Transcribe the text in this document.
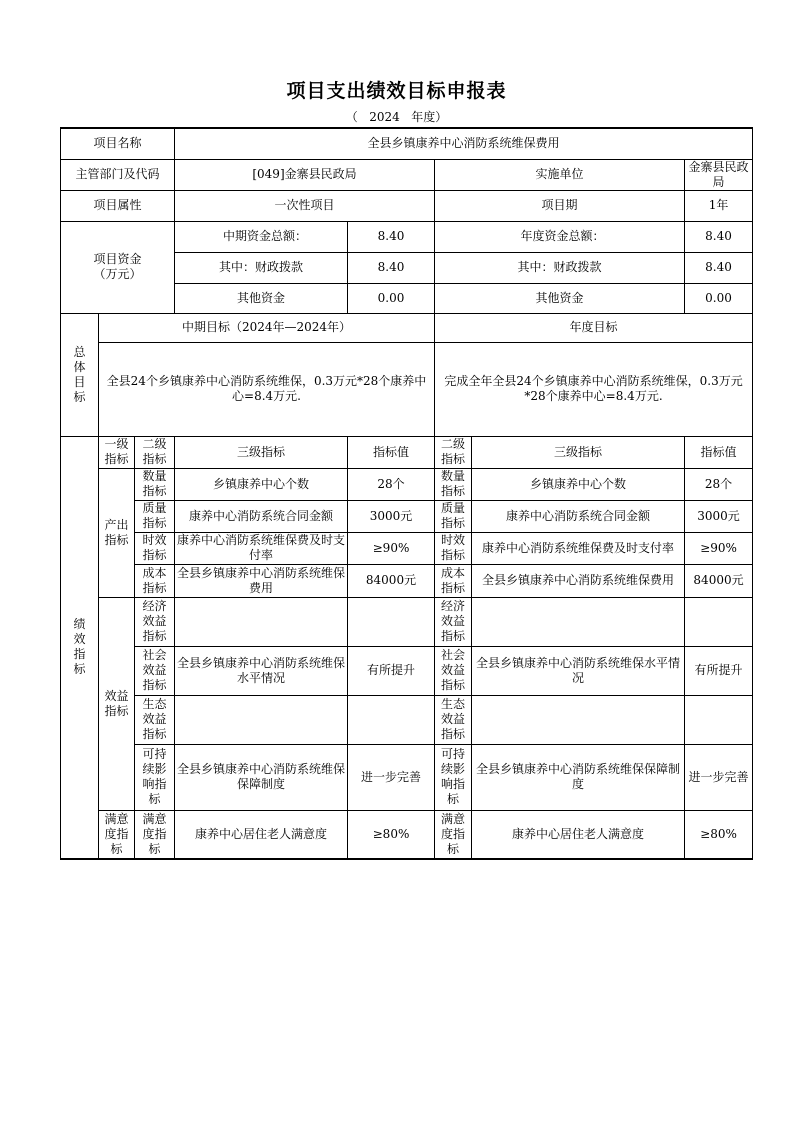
项目支出绩效目标申报表
（   2024   年度）
项目名称			全县乡镇康养中心消防系统维保费用				
主管部门及代码			[049]金寨县民政局		实施单位		金寨县民政局
项目属性			一次性项目		项目期		1年

项目资金
（万元）			中期资金总额：	8.40	年度资金总额：		8.40
			其中：财政拨款	8.40	其中：财政拨款		8.40
			其他资金	0.00	其他资金		0.00

总
体
目
标	中期目标（2024年—2024年）				年度目标		
	全县24个乡镇康养中心消防系统维保，0.3万元*28个康养中心=8.4万元.				完成全年全县24个乡镇康养中心消防系统维保，0.3万元*28个康养中心=8.4万元.		

绩
效
指
标	一级指标	二级指标	三级指标	指标值	二级指标	三级指标	指标值
	产出指标	数量指标	乡镇康养中心个数	28个	数量指标	乡镇康养中心个数	28个
		质量指标	康养中心消防系统合同金额	3000元	质量指标	康养中心消防系统合同金额	3000元
		时效指标	康养中心消防系统维保费及时支付率	≥90%	时效指标	康养中心消防系统维保费及时支付率	≥90%
		成本指标	全县乡镇康养中心消防系统维保费用	84000元	成本指标	全县乡镇康养中心消防系统维保费用	84000元
	效益指标	经济效益指标			经济效益指标		
		社会效益指标	全县乡镇康养中心消防系统维保水平情况	有所提升	社会效益指标	全县乡镇康养中心消防系统维保水平情况	有所提升
		生态效益指标			生态效益指标		
		可持续影响指标	全县乡镇康养中心消防系统维保保障制度	进一步完善	可持续影响指标	全县乡镇康养中心消防系统维保保障制度	进一步完善
	满意度指标	满意度指标	康养中心居住老人满意度	≥80%	满意度指标	康养中心居住老人满意度	≥80%
